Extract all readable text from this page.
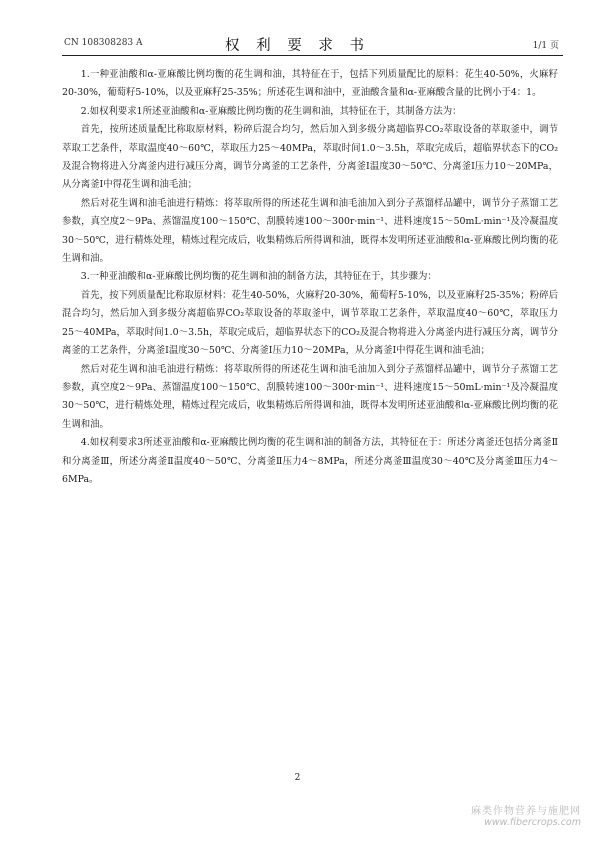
CN 108308283 A	权 利 要 求 书	1/1 页

1.一种亚油酸和α-亚麻酸比例均衡的花生调和油，其特征在于，包括下列质量配比的原料：花生40-50%，火麻籽20-30%，葡萄籽5-10%，以及亚麻籽25-35%；所述花生调和油中，亚油酸含量和α-亚麻酸含量的比例小于4：1。

2.如权利要求1所述亚油酸和α-亚麻酸比例均衡的花生调和油，其特征在于，其制备方法为：

首先，按所述质量配比称取原材料，粉碎后混合均匀，然后加入到多级分离超临界CO₂萃取设备的萃取釜中，调节萃取工艺条件，萃取温度40～60℃，萃取压力25～40MPa，萃取时间1.0～3.5h，萃取完成后，超临界状态下的CO₂及混合物将进入分离釜内进行减压分离，调节分离釜的工艺条件，分离釜Ⅰ温度30～50℃、分离釜Ⅰ压力10～20MPa，从分离釜Ⅰ中得花生调和油毛油；

然后对花生调和油毛油进行精炼：将萃取所得的所述花生调和油毛油加入到分子蒸馏样品罐中，调节分子蒸馏工艺参数，真空度2～9Pa、蒸馏温度100～150℃、刮膜转速100～300r·min⁻¹、进料速度15～50mL·min⁻¹及冷凝温度30～50℃，进行精炼处理，精炼过程完成后，收集精炼后所得调和油，既得本发明所述亚油酸和α-亚麻酸比例均衡的花生调和油。

3.一种亚油酸和α-亚麻酸比例均衡的花生调和油的制备方法，其特征在于，其步骤为：

首先，按下列质量配比称取原材料：花生40-50%，火麻籽20-30%，葡萄籽5-10%，以及亚麻籽25-35%；粉碎后混合均匀，然后加入到多级分离超临界CO₂萃取设备的萃取釜中，调节萃取工艺条件，萃取温度40～60℃，萃取压力25～40MPa，萃取时间1.0～3.5h，萃取完成后，超临界状态下的CO₂及混合物将进入分离釜内进行减压分离，调节分离釜的工艺条件，分离釜Ⅰ温度30～50℃、分离釜Ⅰ压力10～20MPa，从分离釜Ⅰ中得花生调和油毛油；

然后对花生调和油毛油进行精炼：将萃取所得的所述花生调和油毛油加入到分子蒸馏样品罐中，调节分子蒸馏工艺参数，真空度2～9Pa、蒸馏温度100～150℃、刮膜转速100～300r·min⁻¹、进料速度15～50mL·min⁻¹及冷凝温度30～50℃，进行精炼处理，精炼过程完成后，收集精炼后所得调和油，既得本发明所述亚油酸和α-亚麻酸比例均衡的花生调和油。

4.如权利要求3所述亚油酸和α-亚麻酸比例均衡的花生调和油的制备方法，其特征在于：所述分离釜还包括分离釜Ⅱ和分离釜Ⅲ，所述分离釜Ⅱ温度40～50℃、分离釜Ⅱ压力4～8MPa，所述分离釜Ⅲ温度30～40℃及分离釜Ⅲ压力4～6MPa。

2
麻类作物营养与施肥网
www.fibercrops.com
